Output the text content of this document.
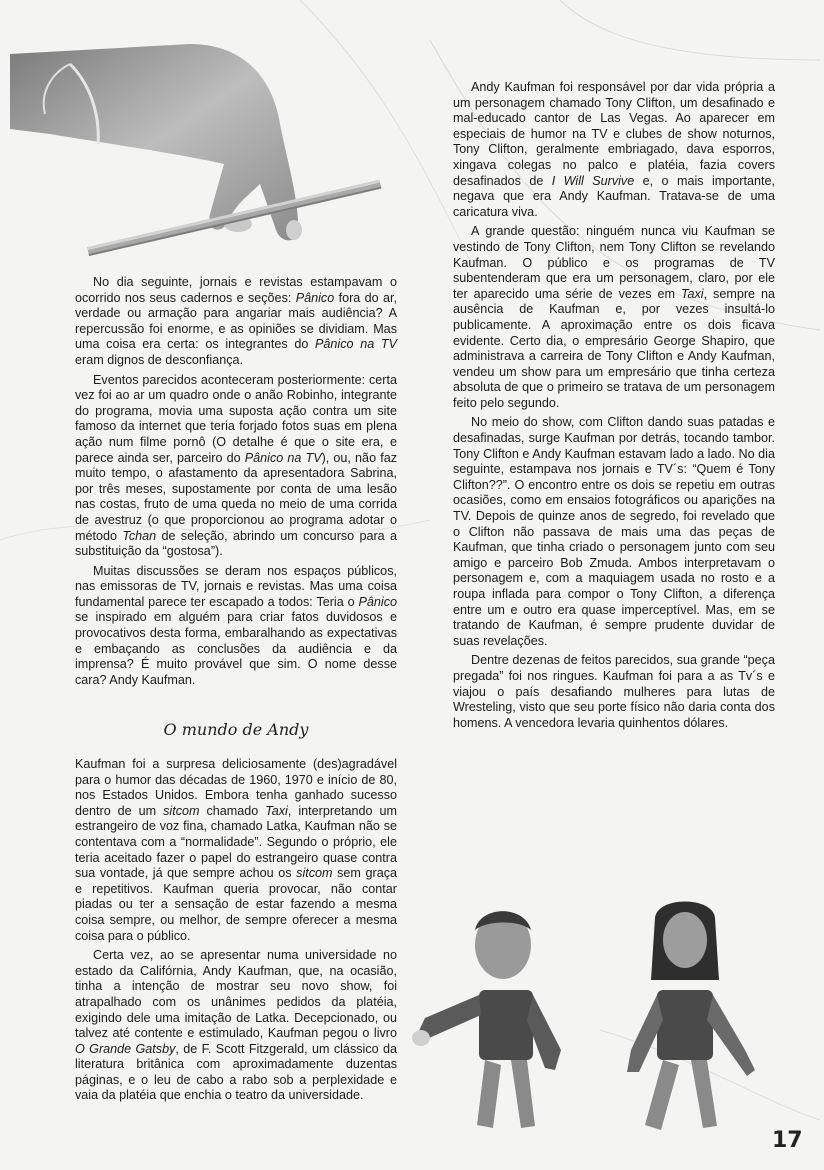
No dia seguinte, jornais e revistas estampavam o ocorrido nos seus cadernos e seções: Pânico fora do ar, verdade ou armação para angariar mais audiência? A repercussão foi enorme, e as opiniões se dividiam. Mas uma coisa era certa: os integrantes do Pânico na TV eram dignos de desconfiança.

Eventos parecidos aconteceram posteriormente: certa vez foi ao ar um quadro onde o anão Robinho, integrante do programa, movia uma suposta ação contra um site famoso da internet que teria forjado fotos suas em plena ação num filme pornô (O detalhe é que o site era, e parece ainda ser, parceiro do Pânico na TV), ou, não faz muito tempo, o afastamento da apresentadora Sabrina, por três meses, supostamente por conta de uma lesão nas costas, fruto de uma queda no meio de uma corrida de avestruz (o que proporcionou ao programa adotar o método Tchan de seleção, abrindo um concurso para a substituição da “gostosa”).

Muitas discussões se deram nos espaços públicos, nas emissoras de TV, jornais e revistas. Mas uma coisa fundamental parece ter escapado a todos: Teria o Pânico se inspirado em alguém para criar fatos duvidosos e provocativos desta forma, embaralhando as expectativas e embaçando as conclusões da audiência e da imprensa? É muito provável que sim. O nome desse cara? Andy Kaufman.

O mundo de Andy

Kaufman foi a surpresa deliciosamente (des)agradável para o humor das décadas de 1960, 1970 e início de 80, nos Estados Unidos. Embora tenha ganhado sucesso dentro de um sitcom chamado Taxi, interpretando um estrangeiro de voz fina, chamado Latka, Kaufman não se contentava com a “normalidade”. Segundo o próprio, ele teria aceitado fazer o papel do estrangeiro quase contra sua vontade, já que sempre achou os sitcom sem graça e repetitivos. Kaufman queria provocar, não contar piadas ou ter a sensação de estar fazendo a mesma coisa sempre, ou melhor, de sempre oferecer a mesma coisa para o público.

Certa vez, ao se apresentar numa universidade no estado da Califórnia, Andy Kaufman, que, na ocasião, tinha a intenção de mostrar seu novo show, foi atrapalhado com os unânimes pedidos da platéia, exigindo dele uma imitação de Latka. Decepcionado, ou talvez até contente e estimulado, Kaufman pegou o livro O Grande Gatsby, de F. Scott Fitzgerald, um clássico da literatura britânica com aproximadamente duzentas páginas, e o leu de cabo a rabo sob a perplexidade e vaia da platéia que enchia o teatro da universidade.

Andy Kaufman foi responsável por dar vida própria a um personagem chamado Tony Clifton, um desafinado e mal-educado cantor de Las Vegas. Ao aparecer em especiais de humor na TV e clubes de show noturnos, Tony Clifton, geralmente embriagado, dava esporros, xingava colegas no palco e platéia, fazia covers desafinados de I Will Survive e, o mais importante, negava que era Andy Kaufman. Tratava-se de uma caricatura viva.

A grande questão: ninguém nunca viu Kaufman se vestindo de Tony Clifton, nem Tony Clifton se revelando Kaufman. O público e os programas de TV subentenderam que era um personagem, claro, por ele ter aparecido uma série de vezes em Taxi, sempre na ausência de Kaufman e, por vezes insultá-lo publicamente. A aproximação entre os dois ficava evidente. Certo dia, o empresário George Shapiro, que administrava a carreira de Tony Clifton e Andy Kaufman, vendeu um show para um empresário que tinha certeza absoluta de que o primeiro se tratava de um personagem feito pelo segundo.

No meio do show, com Clifton dando suas patadas e desafinadas, surge Kaufman por detrás, tocando tambor. Tony Clifton e Andy Kaufman estavam lado a lado. No dia seguinte, estampava nos jornais e TV´s: “Quem é Tony Clifton??”. O encontro entre os dois se repetiu em outras ocasiões, como em ensaios fotográficos ou aparições na TV. Depois de quinze anos de segredo, foi revelado que o Clifton não passava de mais uma das peças de Kaufman, que tinha criado o personagem junto com seu amigo e parceiro Bob Zmuda. Ambos interpretavam o personagem e, com a maquiagem usada no rosto e a roupa inflada para compor o Tony Clifton, a diferença entre um e outro era quase imperceptível. Mas, em se tratando de Kaufman, é sempre prudente duvidar de suas revelações.

Dentre dezenas de feitos parecidos, sua grande “peça pregada” foi nos ringues. Kaufman foi para a as Tv´s e viajou o país desafiando mulheres para lutas de Wresteling, visto que seu porte físico não daria conta dos homens. A vencedora levaria quinhentos dólares.

17
